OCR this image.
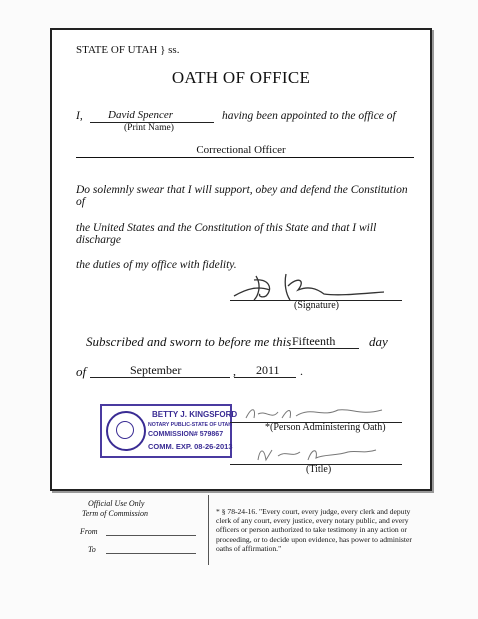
STATE OF UTAH } ss.
OATH OF OFFICE
I, David Spencer	having been appointed to the office of
(Print Name)
Correctional Officer
Do solemnly swear that I will support, obey and defend the Constitution of
the United States and the Constitution of this State and that I will discharge
the duties of my office with fidelity.
(Signature)
Subscribed and sworn to before me this Fifteenth	day
of	September	, 2011 .
BETTY J. KINGSFORD
NOTARY PUBLIC-STATE OF UTAH
COMMISSION# 579867
COMM. EXP. 08-26-2013
*(Person Administering Oath)
(Title)
Official Use Only
Term of Commission
From
To
* § 78-24-16. "Every court, every judge, every clerk and deputy clerk of any court, every justice, every notary public, and every officers or person authorized to take testimony in any action or proceeding, or to decide upon evidence, has power to administer oaths of affirmation."
